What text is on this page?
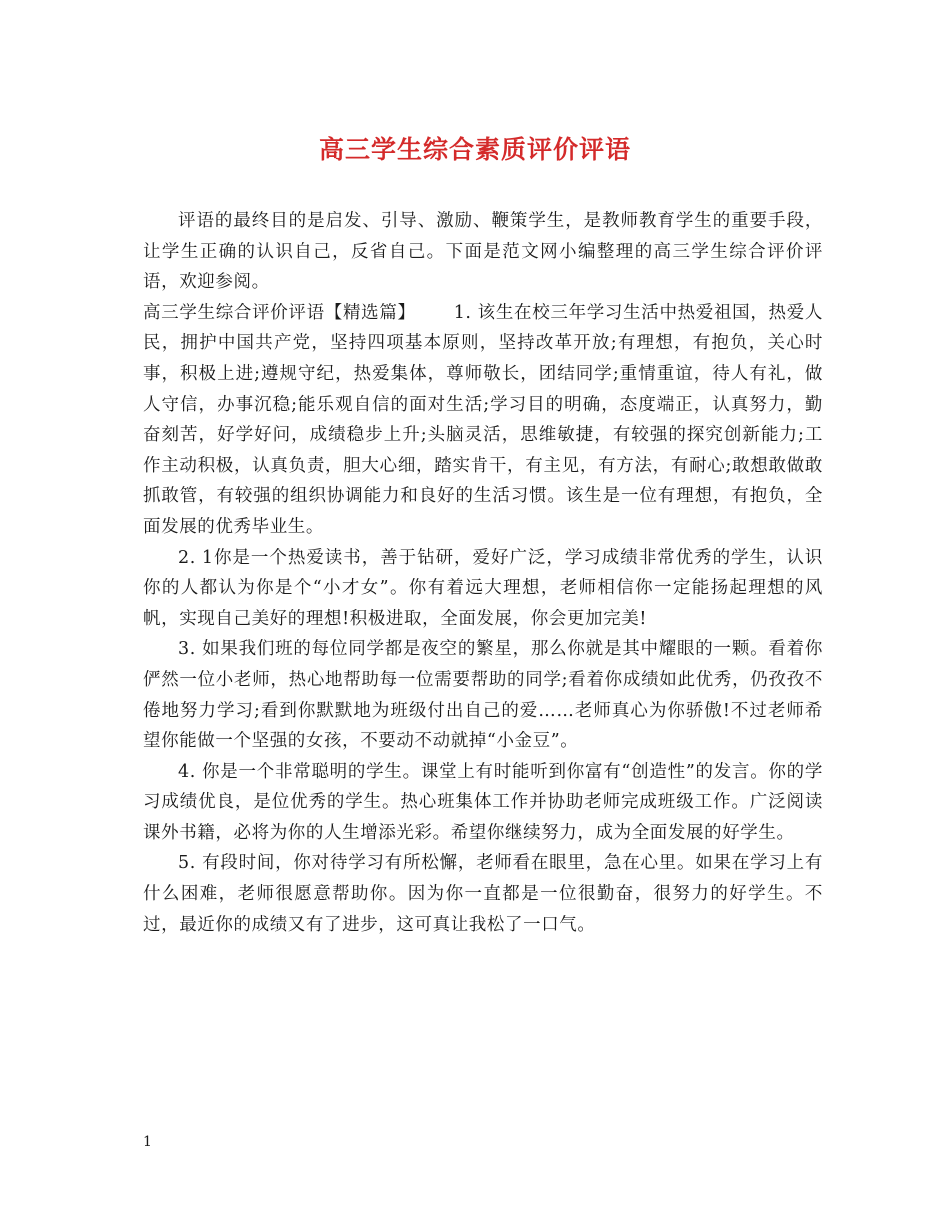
高三学生综合素质评价评语

评语的最终目的是启发、引导、激励、鞭策学生，是教师教育学生的重要手段，让学生正确的认识自己，反省自己。下面是范文网小编整理的高三学生综合评价评语，欢迎参阅。

高三学生综合评价评语【精选篇】 1. 该生在校三年学习生活中热爱祖国，热爱人民，拥护中国共产党，坚持四项基本原则，坚持改革开放;有理想，有抱负，关心时事，积极上进;遵规守纪，热爱集体，尊师敬长，团结同学;重情重谊，待人有礼，做人守信，办事沉稳;能乐观自信的面对生活;学习目的明确，态度端正，认真努力，勤奋刻苦，好学好问，成绩稳步上升;头脑灵活，思维敏捷，有较强的探究创新能力;工作主动积极，认真负责，胆大心细，踏实肯干，有主见，有方法，有耐心;敢想敢做敢抓敢管，有较强的组织协调能力和良好的生活习惯。该生是一位有理想，有抱负，全面发展的优秀毕业生。

2. 1你是一个热爱读书，善于钻研，爱好广泛，学习成绩非常优秀的学生，认识你的人都认为你是个“小才女”。你有着远大理想，老师相信你一定能扬起理想的风帆，实现自己美好的理想!积极进取，全面发展，你会更加完美!

3. 如果我们班的每位同学都是夜空的繁星，那么你就是其中耀眼的一颗。看着你俨然一位小老师，热心地帮助每一位需要帮助的同学;看着你成绩如此优秀，仍孜孜不倦地努力学习;看到你默默地为班级付出自己的爱……老师真心为你骄傲!不过老师希望你能做一个坚强的女孩，不要动不动就掉“小金豆”。

4. 你是一个非常聪明的学生。课堂上有时能听到你富有“创造性”的发言。你的学习成绩优良，是位优秀的学生。热心班集体工作并协助老师完成班级工作。广泛阅读课外书籍，必将为你的人生增添光彩。希望你继续努力，成为全面发展的好学生。

5. 有段时间，你对待学习有所松懈，老师看在眼里，急在心里。如果在学习上有什么困难，老师很愿意帮助你。因为你一直都是一位很勤奋，很努力的好学生。不过，最近你的成绩又有了进步，这可真让我松了一口气。

1
